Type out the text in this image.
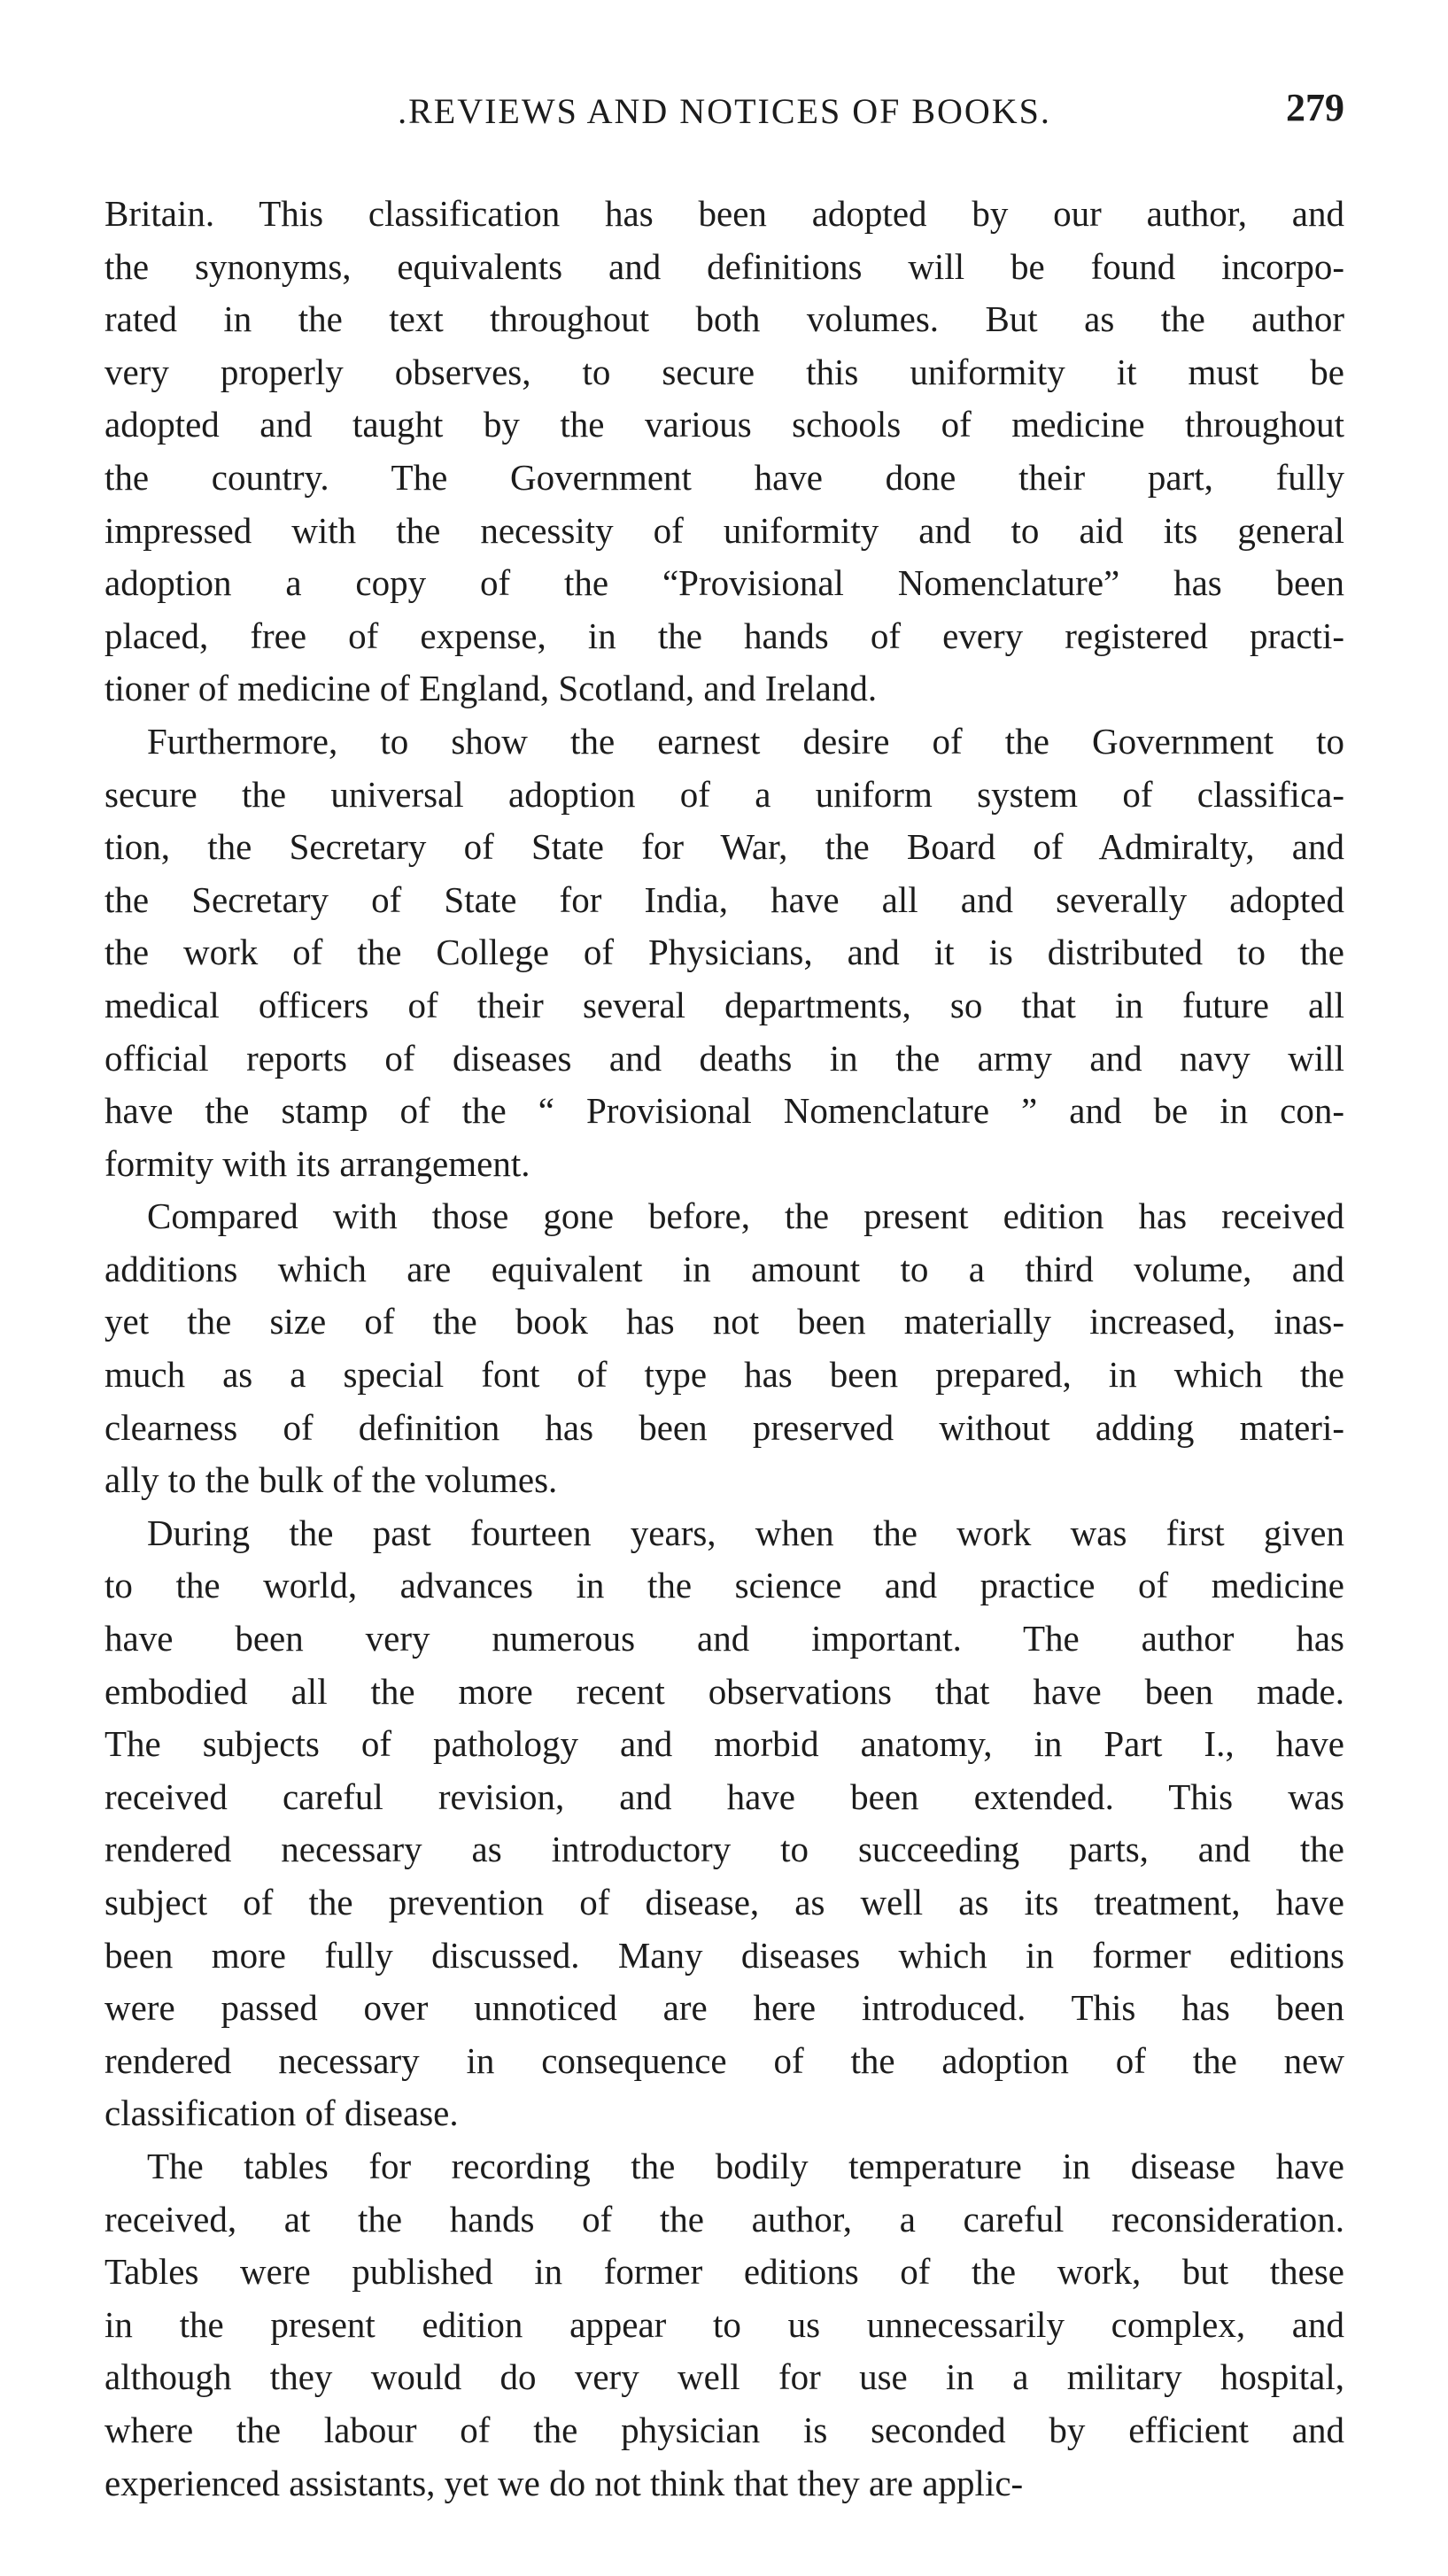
.REVIEWS AND NOTICES OF BOOKS.	279
Britain. This classification has been adopted by our author, and
the synonyms, equivalents and definitions will be found incorpo-
rated in the text throughout both volumes. But as the author
very properly observes, to secure this uniformity it must be
adopted and taught by the various schools of medicine throughout
the country. The Government have done their part, fully
impressed with the necessity of uniformity and to aid its general
adoption a copy of the “Provisional Nomenclature” has been
placed, free of expense, in the hands of every registered practi-
tioner of medicine of England, Scotland, and Ireland.
Furthermore, to show the earnest desire of the Government to
secure the universal adoption of a uniform system of classifica-
tion, the Secretary of State for War, the Board of Admiralty, and
the Secretary of State for India, have all and severally adopted
the work of the College of Physicians, and it is distributed to the
medical officers of their several departments, so that in future all
official reports of diseases and deaths in the army and navy will
have the stamp of the “ Provisional Nomenclature ” and be in con-
formity with its arrangement.
Compared with those gone before, the present edition has received
additions which are equivalent in amount to a third volume, and
yet the size of the book has not been materially increased, inas-
much as a special font of type has been prepared, in which the
clearness of definition has been preserved without adding materi-
ally to the bulk of the volumes.
During the past fourteen years, when the work was first given
to the world, advances in the science and practice of medicine
have been very numerous and important. The author has
embodied all the more recent observations that have been made.
The subjects of pathology and morbid anatomy, in Part I., have
received careful revision, and have been extended. This was
rendered necessary as introductory to succeeding parts, and the
subject of the prevention of disease, as well as its treatment, have
been more fully discussed. Many diseases which in former editions
were passed over unnoticed are here introduced. This has been
rendered necessary in consequence of the adoption of the new
classification of disease.
The tables for recording the bodily temperature in disease have
received, at the hands of the author, a careful reconsideration.
Tables were published in former editions of the work, but these
in the present edition appear to us unnecessarily complex, and
although they would do very well for use in a military hospital,
where the labour of the physician is seconded by efficient and
experienced assistants, yet we do not think that they are applic-
